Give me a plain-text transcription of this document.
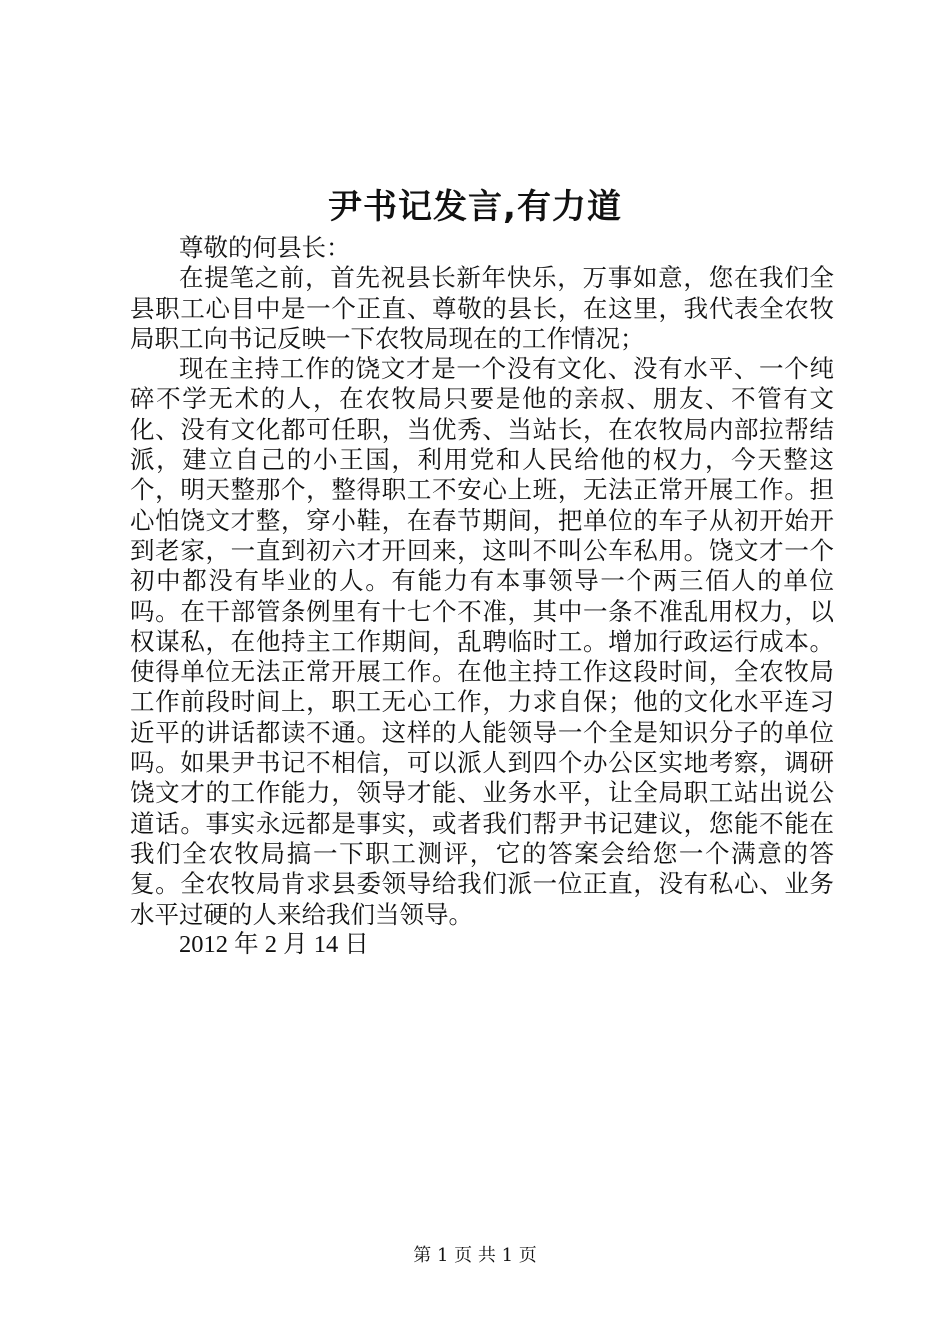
尹书记发言,有力道

尊敬的何县长：

在提笔之前，首先祝县长新年快乐，万事如意，您在我们全县职工心目中是一个正直、尊敬的县长，在这里，我代表全农牧局职工向书记反映一下农牧局现在的工作情况；

现在主持工作的饶文才是一个没有文化、没有水平、一个纯碎不学无术的人，在农牧局只要是他的亲叔、朋友、不管有文化、没有文化都可任职，当优秀、当站长，在农牧局内部拉帮结派，建立自己的小王国，利用党和人民给他的权力，今天整这个，明天整那个，整得职工不安心上班，无法正常开展工作。担心怕饶文才整，穿小鞋，在春节期间，把单位的车子从初开始开到老家，一直到初六才开回来，这叫不叫公车私用。饶文才一个初中都没有毕业的人。有能力有本事领导一个两三佰人的单位吗。在干部管条例里有十七个不准，其中一条不准乱用权力，以权谋私，在他持主工作期间，乱聘临时工。增加行政运行成本。使得单位无法正常开展工作。在他主持工作这段时间，全农牧局工作前段时间上，职工无心工作，力求自保；他的文化水平连习近平的讲话都读不通。这样的人能领导一个全是知识分子的单位吗。如果尹书记不相信，可以派人到四个办公区实地考察，调研饶文才的工作能力，领导才能、业务水平，让全局职工站出说公道话。事实永远都是事实，或者我们帮尹书记建议，您能不能在我们全农牧局搞一下职工测评，它的答案会给您一个满意的答复。全农牧局肯求县委领导给我们派一位正直，没有私心、业务水平过硬的人来给我们当领导。

2012 年 2 月 14 日

第 1 页 共 1 页
